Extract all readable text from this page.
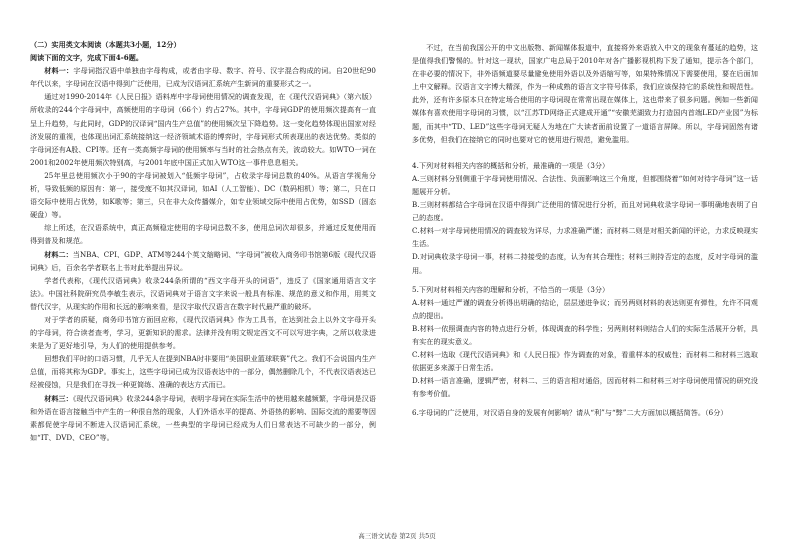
（二）实用类文本阅读（本题共3小题，12分）

阅读下面的文字，完成下面4-6题。

材料一：字母词指汉语中单独由字母构成，或者由字母、数字、符号、汉字混合构成的词。自20世纪90年代以来，字母词在汉语中得到广泛使用，已成为汉语词汇系统产生新词的重要形式之一。

通过对1990-2014年《人民日报》语料库中字母词使用情况的调查发现，在《现代汉语词典》（第六版）所收录的244个字母词中，高频使用的字母词（66个）约占27%。其中，字母词GDP的使用频次提高有一直呈上升趋势，与此同时，GDP的汉译词“国内生产总值”的使用频次呈下降趋势。这一变化趋势体现出国家对经济发展的重视，也体现出词汇系统接纳这一经济领域术语的博弈时，字母词形式所表现出的表达优势。类似的字母词还有A股、CPI等。还有一类高频字母词的使用频率与当时的社会热点有关，波动较大。如WTO一词在2001和2002年使用频次特别高，与2001年底中国正式加入WTO这一事件息息相关。

25年里总使用频次小于90的字母词被划入“低频字母词”，占收录字母词总数的40%。从语言学视角分析，导致低频的原因有：第一，接受度不如其汉译词，如AI（人工智能）、DC（数码相机）等；第二，只在口语交际中使用占优势，如K歌等；第三，只在非大众传播媒介，如专业领域交际中使用占优势，如SSD（固态硬盘）等。

综上所述，在汉语系统中，真正高频稳定使用的字母词总数不多，使用总词次却很多，并通过反复使用而得到普及和规范。

材料二：当NBA、CPI、GDP、ATM等244个英文缩略词、“字母词”被收入商务印书馆第6版《现代汉语词典》后，百余名学者联名上书对此举提出异议。

学者代表称，《现代汉语词典》收录244条所谓的“西文字母开头的词语”，违反了《国家通用语言文字法》。中国社科院研究员李敏生表示，汉语词典对于语言文字来说一般具有标准、规范的意义和作用，用英文替代汉字，从现实的作用和长远的影响来看，是汉字取代汉语言在数字时代最严重的破坏。

对于学者的质疑，商务印书馆方面回应称，《现代汉语词典》作为工具书，在达到社会上以外文字母开头的字母词，符合读者查考，学习，更新知识的需求。法律并没有明文规定西文不可以写进字典，之所以收录进来是为了更好地引导，为人们的使用提供参考。

回想我们平时的口语习惯，几乎无人在提到NBA时非要用“美国职业篮球联赛”代之。我们不会说国内生产总值，而将其称为GDP。事实上，这些字母词已成为汉语表达中的一部分，偶然删除几个，不代表汉语表达已经被侵蚀，只是我们在寻找一种更简练、准确的表达方式而已。

材料三：《现代汉语词典》收录244条字母词，表明字母词在实际生活中的使用越来越频繁，字母词是汉语和外语在语言接触当中产生的一种很自然的现象，人们外语水平的提高、外语热的影响、国际交流的需要等因素都促使字母词不断进入汉语词汇系统，一些典型的字母词已经成为人们日常表达不可缺少的一部分，例如“IT、DVD、CEO”等。

不过，在当前我国公开的中文出版物、新闻媒体报道中，直接将外来语放入中文的现象有蔓延的趋势，这是值得我们警惕的。针对这一现状，国家广电总局于2010年对各广播影视机构下发了通知，提示各个部门，在非必要的情况下，非外语频道要尽量避免使用外语以及外语缩写等，如果特殊情况下需要使用，要在后面加上中文解释。汉语言文字博大精深，作为一种成熟的语言文字符号体系，我们应该保持它的系统性和规范性。此外，还有许多原本只在特定场合使用的字母词现在常常出现在媒体上，这也带来了很多问题。例如一些新闻媒体有喜欢使用字母词的习惯，以“江苏TD网络正式建成开通”“安徽芜湖致力打造国内首端LED产业园”为标题，而其中“TD、LED”这些字母词无疑人为地在广大读者面前设置了一道语言屏障。所以，字母词固然有诸多优势，但我们在接纳它的同时也要对它的使用进行规范，避免滥用。

4.下列对材料相关内容的概括和分析，最准确的一项是（3分）

A.三则材料分别侧重于字母词使用情况、合法性、负面影响这三个角度，但都围绕着“如何对待字母词”这一话题展开分析。

B.三则材料都结合字母词在汉语中得到广泛使用的情况进行分析，而且对词典收录字母词一事明确地表明了自己的态度。

C.材料一对字母词使用情况的调查较为详尽，力求准确严谨；而材料二则是对相关新闻的评论，力求反映现实生活。

D.对词典收录字母词一事，材料二持接受的态度，认为有其合理性；材料三则持否定的态度，反对字母词的滥用。

5.下列对材料相关内容的理解和分析，不恰当的一项是（3分）

A.材料一通过严谨的调查分析得出明确的结论，层层递进争议；而另两则材料的表达则更有弹性，允许不同观点的提出。

B.材料一依照调查内容的特点进行分析，体现调查的科学性；另两则材料则结合人们的实际生活展开分析，具有实在的现实意义。

C.材料一选取《现代汉语词典》和《人民日报》作为调查的对象，看重样本的权威性；而材料二和材料三选取依据更多来源于日常生活。

D.材料一语言准确，逻辑严密，材料二、三的语言相对通俗，因而材料二和材料三对字母词使用情况的研究没有参考价值。

6.字母词的广泛使用，对汉语自身的发展有何影响？请从“利”与“弊”二大方面加以概括简答。（6分）

高三语文试卷 第2页 共5页
